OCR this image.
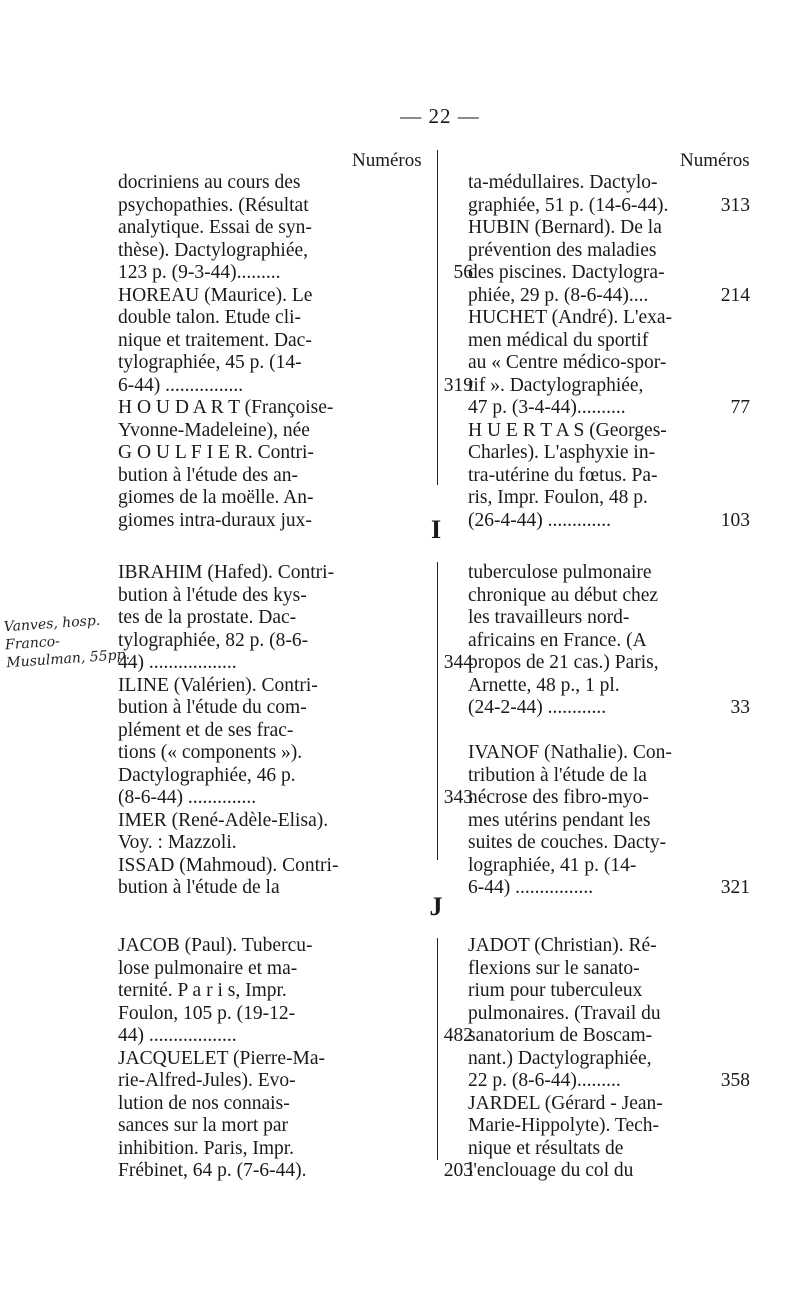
— 22 —
Numéros	Numéros
docriniens au cours des
psychopathies. (Résultat
analytique. Essai de syn-
thèse). Dactylographiée,
123 p. (9-3-44).........	56
HOREAU (Maurice). Le
double talon. Etude cli-
nique et traitement. Dac-
tylographiée, 45 p. (14-
6-44) ................	319
H O U D A R T (Françoise-
Yvonne-Madeleine), née
G O U L F I E R. Contri-
bution à l'étude des an-
giomes de la moëlle. An-
giomes intra-duraux jux-
ta-médullaires. Dactylo-
graphiée, 51 p. (14-6-44).	313
HUBIN (Bernard). De la
prévention des maladies
des piscines. Dactylogra-
phiée, 29 p. (8-6-44)....	214
HUCHET (André). L'exa-
men médical du sportif
au « Centre médico-spor-
tif ». Dactylographiée,
47 p. (3-4-44)..........	77
H U E R T A S (Georges-
Charles). L'asphyxie in-
tra-utérine du fœtus. Pa-
ris, Impr. Foulon, 48 p.
(26-4-44) .............	103
I
Vanves, hosp. Franco-Musulman, 55pp.
IBRAHIM (Hafed). Contri-
bution à l'étude des kys-
tes de la prostate. Dac-
tylographiée, 82 p. (8-6-
44) ..................	344
ILINE (Valérien). Contri-
bution à l'étude du com-
plément et de ses frac-
tions (« components »).
Dactylographiée, 46 p.
(8-6-44) ..............	343
IMER (René-Adèle-Elisa).
Voy. : Mazzoli.
ISSAD (Mahmoud). Contri-
bution à l'étude de la
tuberculose pulmonaire
chronique au début chez
les travailleurs nord-
africains en France. (A
propos de 21 cas.) Paris,
Arnette, 48 p., 1 pl.
(24-2-44) ............	33
IVANOF (Nathalie). Con-
tribution à l'étude de la
nécrose des fibro-myo-
mes utérins pendant les
suites de couches. Dacty-
lographiée, 41 p. (14-
6-44) ................	321
J
JACOB (Paul). Tubercu-
lose pulmonaire et ma-
ternité. P a r i s, Impr.
Foulon, 105 p. (19-12-
44) ..................	482
JACQUELET (Pierre-Ma-
rie-Alfred-Jules). Evo-
lution de nos connais-
sances sur la mort par
inhibition. Paris, Impr.
Frébinet, 64 p. (7-6-44).	203
JADOT (Christian). Ré-
flexions sur le sanato-
rium pour tuberculeux
pulmonaires. (Travail du
sanatorium de Boscam-
nant.) Dactylographiée,
22 p. (8-6-44).........	358
JARDEL (Gérard - Jean-
Marie-Hippolyte). Tech-
nique et résultats de
l'enclouage du col du
